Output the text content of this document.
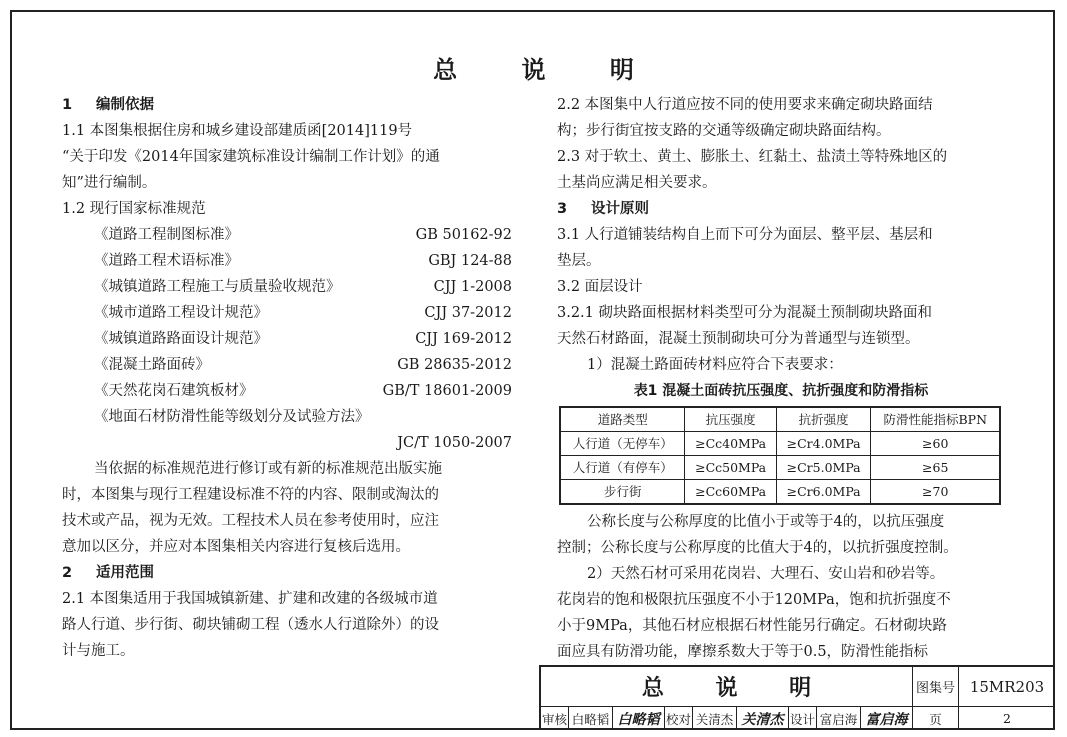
总 说 明
1 编制依据
1.1 本图集根据住房和城乡建设部建质函[2014]119号
“关于印发《2014年国家建筑标准设计编制工作计划》的通
知”进行编制。
1.2 现行国家标准规范
《道路工程制图标准》	GB 50162-92
《道路工程术语标准》	GBJ 124-88
《城镇道路工程施工与质量验收规范》	CJJ 1-2008
《城市道路工程设计规范》	CJJ 37-2012
《城镇道路路面设计规范》	CJJ 169-2012
《混凝土路面砖》	GB 28635-2012
《天然花岗石建筑板材》	GB/T 18601-2009
《地面石材防滑性能等级划分及试验方法》
JC/T 1050-2007
当依据的标准规范进行修订或有新的标准规范出版实施
时，本图集与现行工程建设标准不符的内容、限制或淘汰的
技术或产品，视为无效。工程技术人员在参考使用时，应注
意加以区分，并应对本图集相关内容进行复核后选用。
2 适用范围
2.1 本图集适用于我国城镇新建、扩建和改建的各级城市道
路人行道、步行街、砌块铺砌工程（透水人行道除外）的设
计与施工。
2.2 本图集中人行道应按不同的使用要求来确定砌块路面结
构；步行街宜按支路的交通等级确定砌块路面结构。
2.3 对于软土、黄土、膨胀土、红黏土、盐渍土等特殊地区的
土基尚应满足相关要求。
3 设计原则
3.1 人行道铺装结构自上而下可分为面层、整平层、基层和
垫层。
3.2 面层设计
3.2.1 砌块路面根据材料类型可分为混凝土预制砌块路面和
天然石材路面，混凝土预制砌块可分为普通型与连锁型。
1）混凝土路面砖材料应符合下表要求：
表1 混凝土面砖抗压强度、抗折强度和防滑指标
道路类型	抗压强度	抗折强度	防滑性能指标BPN
人行道（无停车）	≥Cc40MPa	≥Cr4.0MPa	≥60
人行道（有停车）	≥Cc50MPa	≥Cr5.0MPa	≥65
步行街	≥Cc60MPa	≥Cr6.0MPa	≥70
公称长度与公称厚度的比值小于或等于4的，以抗压强度
控制；公称长度与公称厚度的比值大于4的，以抗折强度控制。
2）天然石材可采用花岗岩、大理石、安山岩和砂岩等。
花岗岩的饱和极限抗压强度不小于120MPa，饱和抗折强度不
小于9MPa，其他石材应根据石材性能另行确定。石材砌块路
面应具有防滑功能，摩擦系数大于等于0.5，防滑性能指标
总 说 明	图集号 15MR203
审核 白略韬 白略韬 校对 关清杰 关清杰 设计 富启海 富启海	页	2
